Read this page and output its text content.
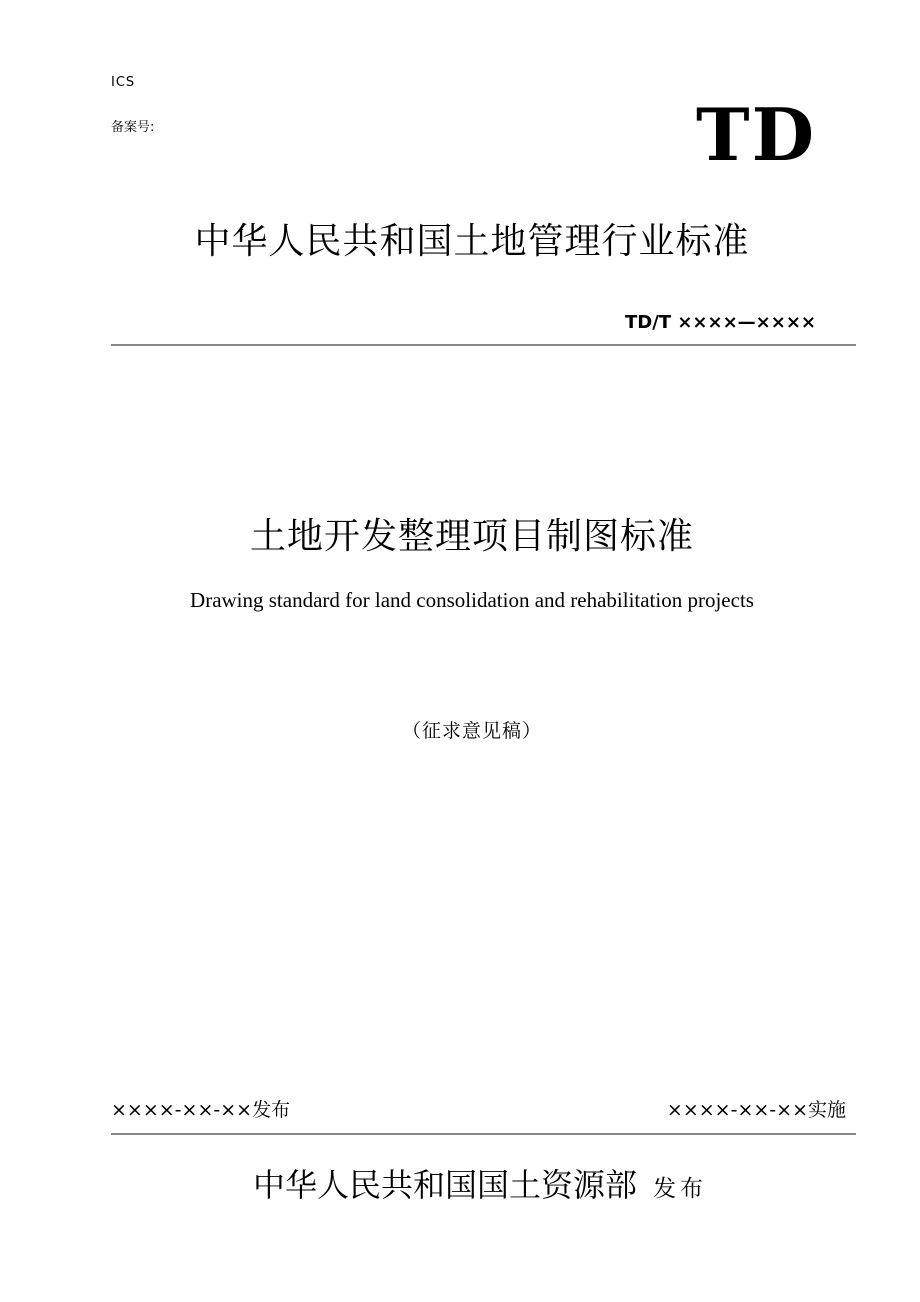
ICS
备案号:	TD
中华人民共和国土地管理行业标准
TD/T ××××—××××
土地开发整理项目制图标准
Drawing standard for land consolidation and rehabilitation projects
（征求意见稿）
××××-××-××发布	××××-××-××实施
中华人民共和国国土资源部 发布
